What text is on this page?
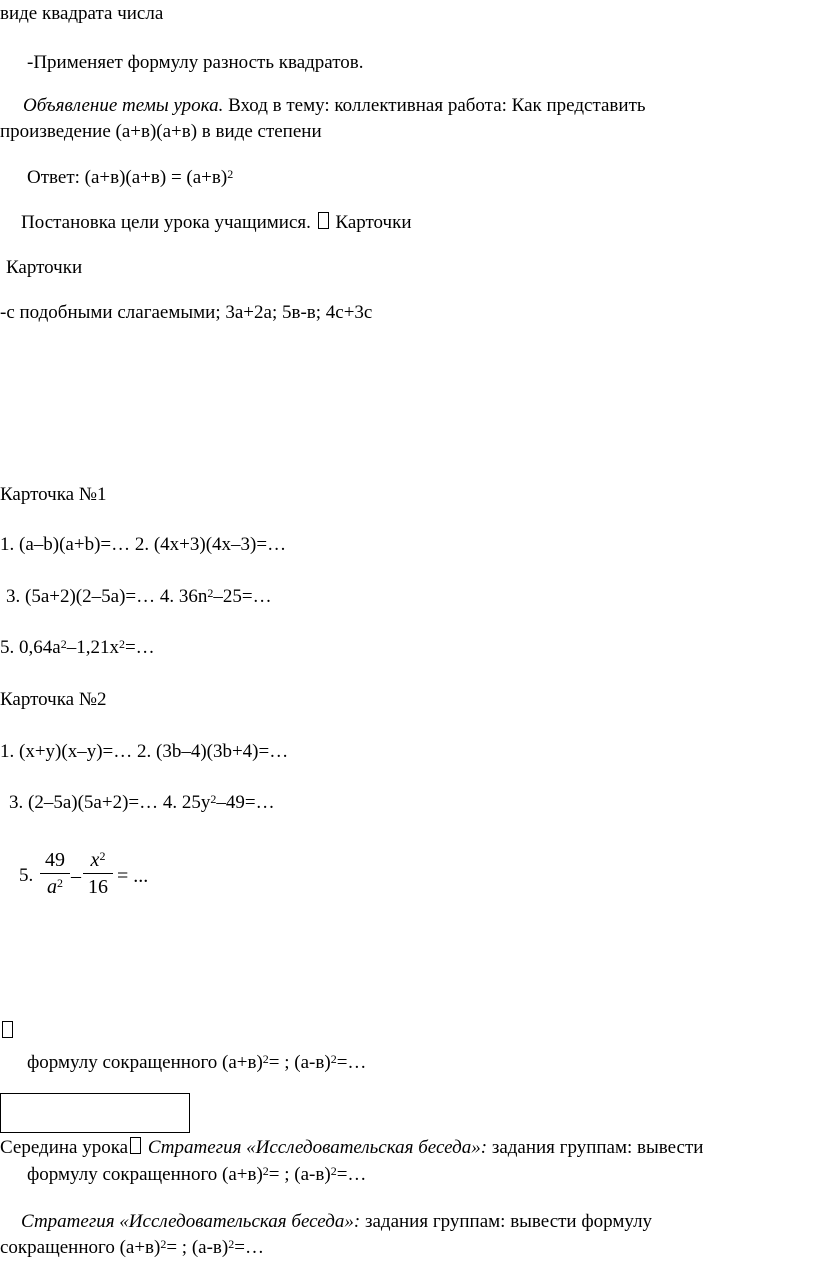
виде квадрата числа
-Применяет формулу разность квадратов.
Объявление темы урока. Вход в тему: коллективная работа: Как представить
произведение (а+в)(а+в) в виде степени
Ответ: $(а+в)(а+в) = (а+в)^2$
Постановка цели урока учащимися. Карточки
Карточки
-с подобными слагаемыми; 3а+2а; 5в-в; 4с+3с
Карточка №1
1. (a–b)(a+b)=… 2. (4x+3)(4x–3)=…
3. (5a+2)(2–5a)=… 4. $36n^2-25=\dots$
5. $0,64a^2-1,21x^2=\dots$
Карточка №2
1. (x+y)(x–y)=… 2. (3b–4)(3b+4)=…
3. (2–5a)(5a+2)=… 4. $25y^2-49=\dots$
5.
49
$a^2$ –
$x^2$
16 = ...
формулу сокращенного $(а+в)^2=$ ; $(а-в)^2=\dots$
Середина урока Стратегия «Исследовательская беседа»: задания группам: вывести
формулу сокращенного $(а+в)^2=$ ; $(а-в)^2=\dots$
Стратегия «Исследовательская беседа»: задания группам: вывести формулу
сокращенного $(а+в)^2=$ ; $(а-в)^2=\dots$
